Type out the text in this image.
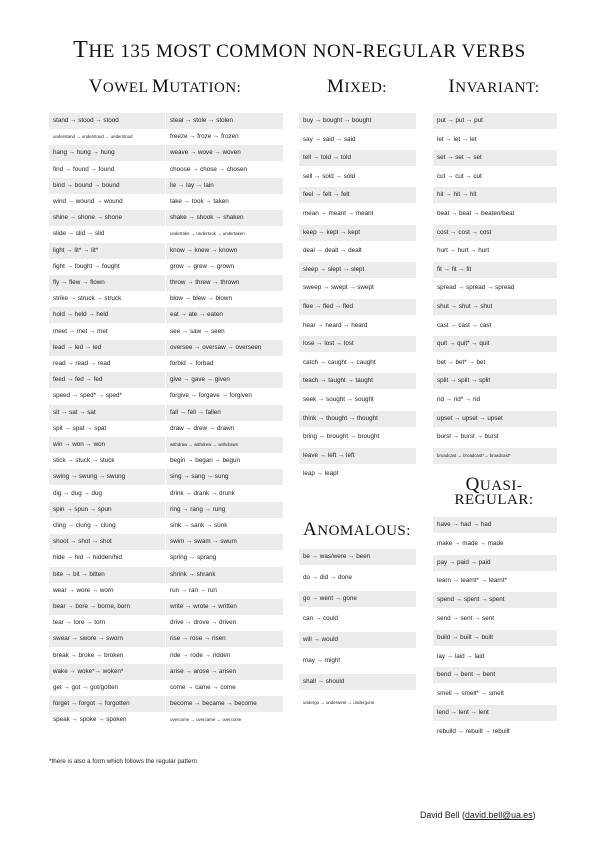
THE 135 MOST COMMON NON-REGULAR VERBS
VOWEL MUTATION:	MIXED:	INVARIANT:
ANOMALOUS:
QUASI-
REGULAR:
stand → stood → stood
understand → understood → understood
hang → hung → hung
find → found → found
bind → bound → bound
wind → wound → wound
shine → shone → shone
slide → slid → slid
light → lit* → lit*
fight → fought → fought
fly → flew → flown
strike → struck → struck
hold → held → held
meet → met → met
lead → led → led
read → read → read
feed → fed → fed
speed → sped* → sped*
sit → sat → sat
spit → spat → spat
win → won → won
stick → stuck → stuck
swing → swung → swung
dig → dug → dug
spin → spun → spun
cling → clung → clung
shoot → shot → shot
hide → hid → hidden/hid
bite → bit → bitten
wear → wore → worn
bear → bore → borne, born
tear → tore → torn
swear → swore → sworn
break → broke → broken
wake → woke*→ woken*
get → got → got/gotten
forget → forgot → forgotten
speak → spoke → spoken
steal → stole → stolen
freeze → froze → frozen
weave → wove → woven
choose → chose → chosen
lie → lay → lain
take → took → taken
shake → shook → shaken
undertake → undertook → undertaken
know → knew → known
grow → grew → grown
throw → threw → thrown
blow → blew → blown
eat → ate → eaten
see → saw → seen
oversee → oversaw → overseen
forbid → forbad
give → gave → given
forgive → forgave → forgiven
fall → fell → fallen
draw → drew → drawn
withdraw → withdrew → withdrawn
begin → began → begun
sing → sang → sung
drink → drank → drunk
ring → rang → rung
sink → sank → sunk
swim → swam → swum
spring → sprang
shrink → shrank
run → ran → run
write → wrote → written
drive → drove → driven
rise → rose → risen
ride → rode → ridden
arise → arose → arisen
come → came → come
become → became → become
overcome → overcame → overcome
buy → bought → bought
say → said → said
tell → told → told
sell → sold → sold
feel → felt → felt
mean → meant → meant
keep → kept → kept
deal → dealt → dealt
sleep → slept → slept
sweep → swept → swept
flee → fled → fled
hear → heard → heard
lose → lost → lost
catch → caught → caught
teach → taught → taught
seek → sought → sought
think → thought → thought
bring → brought → brought
leave → left → left
leap → leapt
put → put → put
let → let → let
set → set → set
cut → cut → cut
hit → hit → hit
beat → beat → beaten/beat
cost → cost → cost
hurt → hurt → hurt
fit → fit → fit
spread → spread → spread
shut → shut → shut
cast → cast → cast
quit → quit* → quit
bet → bet* → bet
split → split → split
rid → rid* → rid
upset → upset → upset
burst → burst → burst
broadcast → broadcast*→ broadcast*
be → was/were → been
do → did → done
go → went → gone
can → could
will → would
may → might
shall → should
undergo → underwent → undergone
have → had → had
make → made → made
pay → paid → paid
learn → learnt* → learnt*
spend → spent → spent
send → sent → sent
build → built → built
lay → laid → laid
bend → bent → bent
smell → smelt* → smelt
lend → lent → lent
rebuild → rebuilt → rebuilt
*there is also a form which follows the regular pattern
David Bell (david.bell@ua.es)
